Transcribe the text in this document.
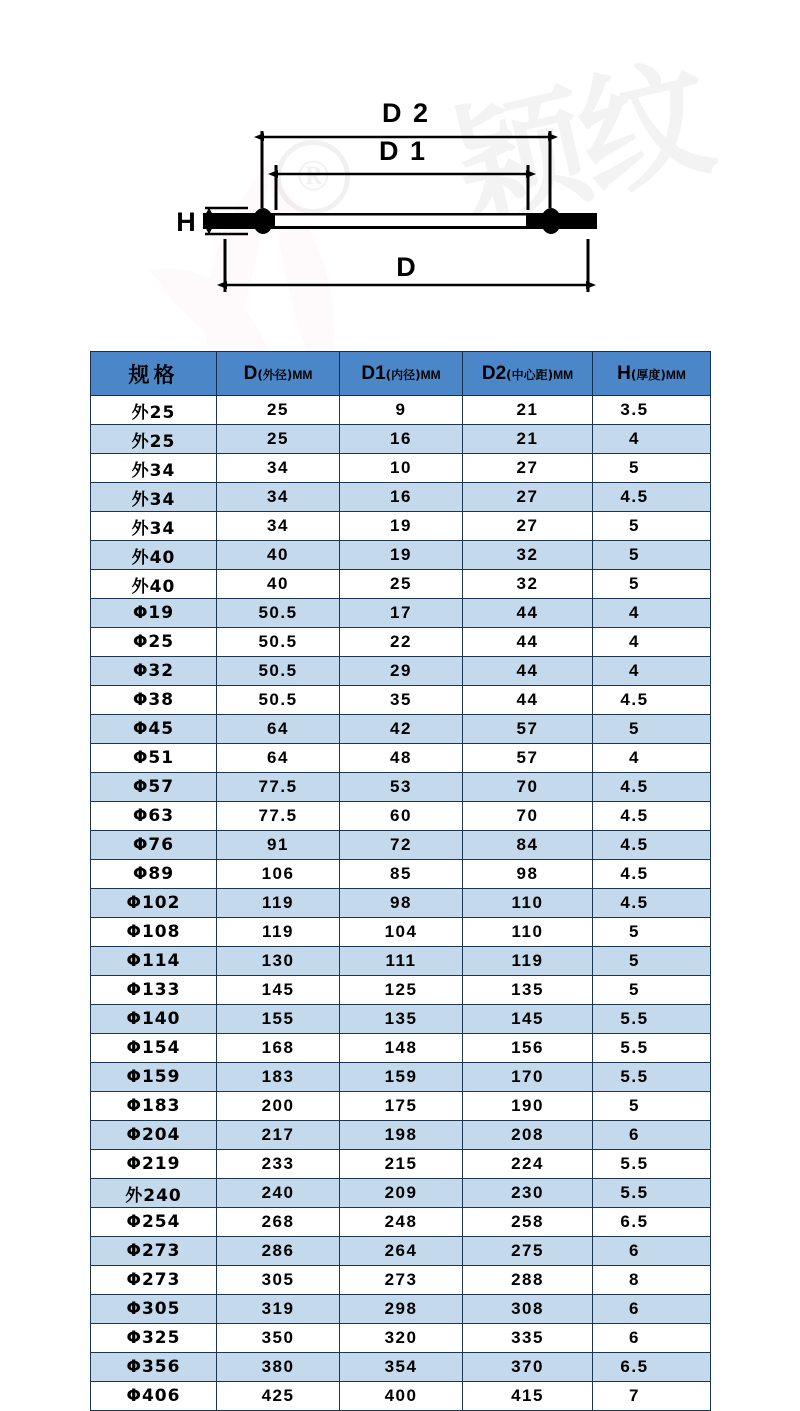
®
D 2
D 1
H
D
规格	D(外径)MM	D1(内径)MM	D2(中心距)MM	H(厚度)MM
外25	25	9	21	3.5
外25	25	16	21	4
外34	34	10	27	5
外34	34	16	27	4.5
外34	34	19	27	5
外40	40	19	32	5
外40	40	25	32	5
Φ19	50.5	17	44	4
Φ25	50.5	22	44	4
Φ32	50.5	29	44	4
Φ38	50.5	35	44	4.5
Φ45	64	42	57	5
Φ51	64	48	57	4
Φ57	77.5	53	70	4.5
Φ63	77.5	60	70	4.5
Φ76	91	72	84	4.5
Φ89	106	85	98	4.5
Φ102	119	98	110	4.5
Φ108	119	104	110	5
Φ114	130	111	119	5
Φ133	145	125	135	5
Φ140	155	135	145	5.5
Φ154	168	148	156	5.5
Φ159	183	159	170	5.5
Φ183	200	175	190	5
Φ204	217	198	208	6
Φ219	233	215	224	5.5
外240	240	209	230	5.5
Φ254	268	248	258	6.5
Φ273	286	264	275	6
Φ273	305	273	288	8
Φ305	319	298	308	6
Φ325	350	320	335	6
Φ356	380	354	370	6.5
Φ406	425	400	415	7
